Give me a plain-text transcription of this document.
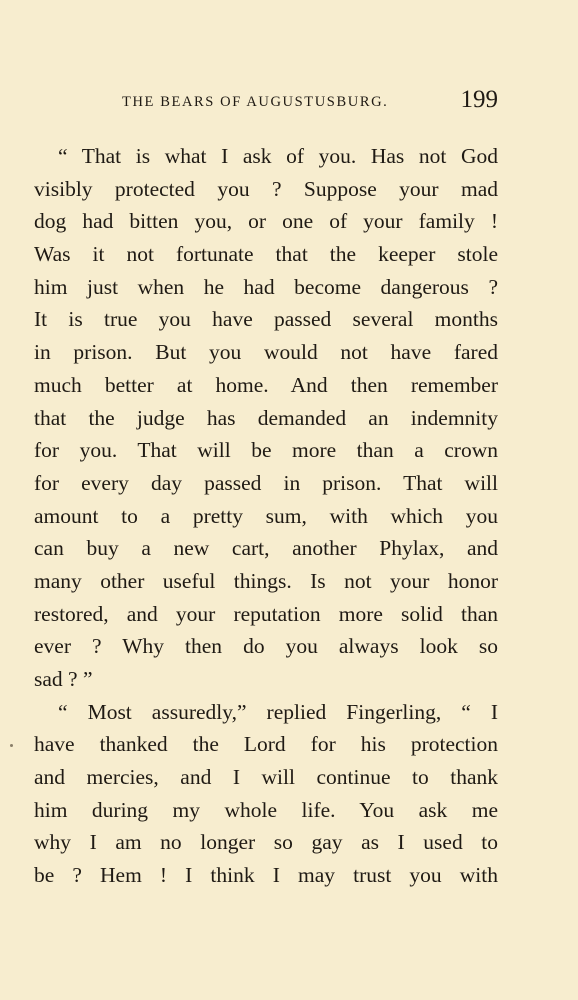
THE BEARS OF AUGUSTUSBURG.	199
“ That is what I ask of you. Has not God
visibly protected you ? Suppose your mad
dog had bitten you, or one of your family !
Was it not fortunate that the keeper stole
him just when he had become dangerous ?
It is true you have passed several months
in prison. But you would not have fared
much better at home. And then remember
that the judge has demanded an indemnity
for you. That will be more than a crown
for every day passed in prison. That will
amount to a pretty sum, with which you
can buy a new cart, another Phylax, and
many other useful things. Is not your honor
restored, and your reputation more solid than
ever ? Why then do you always look so
sad ? ”
“ Most assuredly,” replied Fingerling, “ I
have thanked the Lord for his protection
and mercies, and I will continue to thank
him during my whole life. You ask me
why I am no longer so gay as I used to
be ? Hem ! I think I may trust you with
